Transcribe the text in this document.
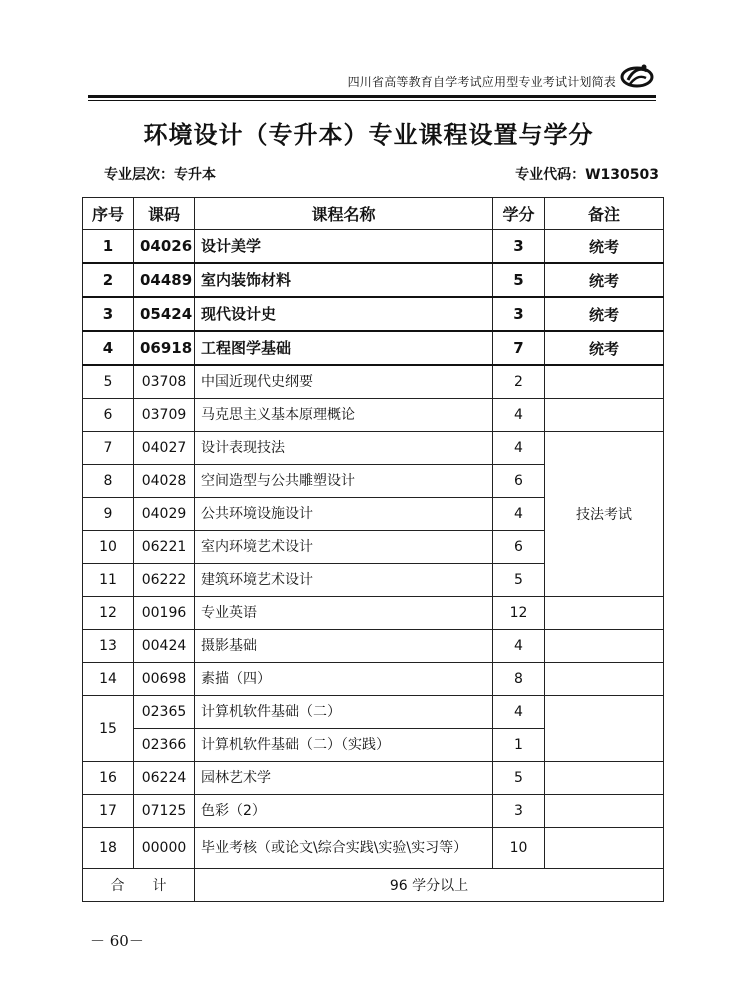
四川省高等教育自学考试应用型专业考试计划简表
环境设计（专升本）专业课程设置与学分
专业层次：专升本	专业代码：W130503
序号	课码	课程名称	学分	备注
1	04026	设计美学	3	统考
2	04489	室内装饰材料	5	统考
3	05424	现代设计史	3	统考
4	06918	工程图学基础	7	统考
5	03708	中国近现代史纲要	2	
6	03709	马克思主义基本原理概论	4	
7	04027	设计表现技法	4	技法考试
8	04028	空间造型与公共雕塑设计	6	
9	04029	公共环境设施设计	4	
10	06221	室内环境艺术设计	6	
11	06222	建筑环境艺术设计	5	
12	00196	专业英语	12	
13	00424	摄影基础	4	
14	00698	素描（四）	8	
15	02365	计算机软件基础（二）	4	
	02366	计算机软件基础（二）（实践）	1	
16	06224	园林艺术学	5	
17	07125	色彩（2）	3	
18	00000	毕业考核（或论文\综合实践\实验\实习等）	10	
合　　计		96 学分以上		
－ 60－
